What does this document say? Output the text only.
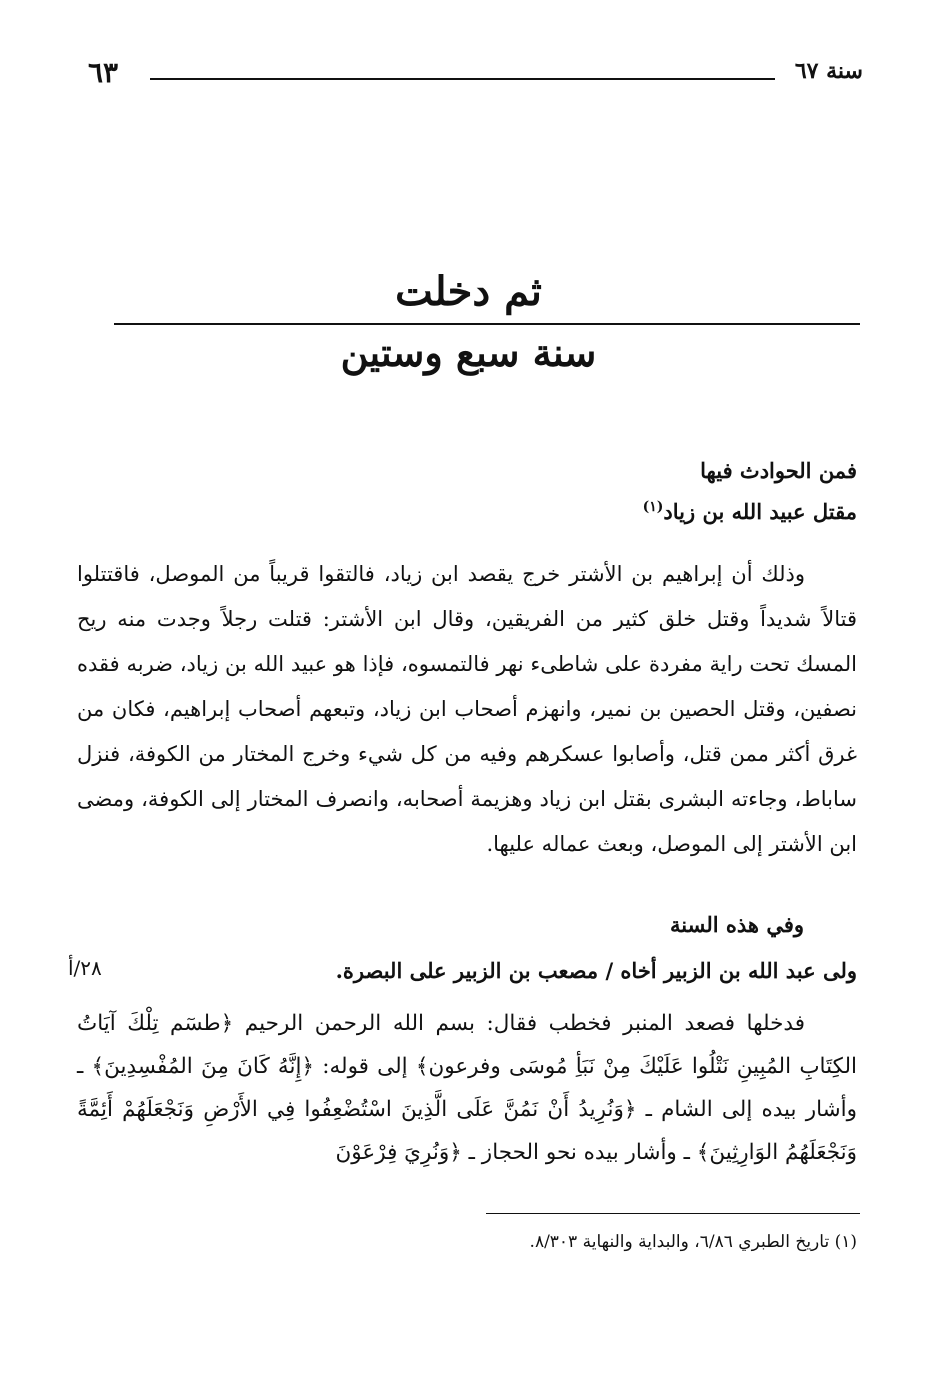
سنة ٦٧
٦٣
ثم دخلت
سنة سبع وستين
فمن الحوادث فيها
مقتل عبيد الله بن زياد$^{(١)}$
وذلك أن إبراهيم بن الأشتر خرج يقصد ابن زياد، فالتقوا قريباً من الموصل، فاقتتلوا قتالاً شديداً وقتل خلق كثير من الفريقين، وقال ابن الأشتر: قتلت رجلاً وجدت منه ريح المسك تحت راية مفردة على شاطىء نهر فالتمسوه، فإذا هو عبيد الله بن زياد، ضربه فقده نصفين، وقتل الحصين بن نمير، وانهزم أصحاب ابن زياد، وتبعهم أصحاب إبراهيم، فكان من غرق أكثر ممن قتل، وأصابوا عسكرهم وفيه من كل شيء وخرج المختار من الكوفة، فنزل ساباط، وجاءته البشرى بقتل ابن زياد وهزيمة أصحابه، وانصرف المختار إلى الكوفة، ومضى ابن الأشتر إلى الموصل، وبعث عماله عليها.
وفي هذه السنة
ولى عبد الله بن الزبير أخاه / مصعب بن الزبير على البصرة.
٢٨/أ
فدخلها فصعد المنبر فخطب فقال: بسم الله الرحمن الرحيم ﴿طسٓم تِلْكَ آيَاتُ الكِتَابِ المُبِينِ نَتْلُوا عَلَيْكَ مِنْ نَبَأِ مُوسَى وفرعون﴾ إلى قوله: ﴿إِنَّهُ كَانَ مِنَ المُفْسِدِينَ﴾ ـ وأشار بيده إلى الشام ـ ﴿وَنُرِيدُ أَنْ نَمُنَّ عَلَى الَّذِينَ اسْتُضْعِفُوا فِي الأَرْضِ وَنَجْعَلَهُمْ أَئِمَّةً وَنَجْعَلَهُمُ الوَارِثِينَ﴾ ـ وأشار بيده نحو الحجاز ـ ﴿وَنُرِيَ فِرْعَوْنَ
(١) تاريخ الطبري ٦/٨٦، والبداية والنهاية ٨/٣٠٣.
